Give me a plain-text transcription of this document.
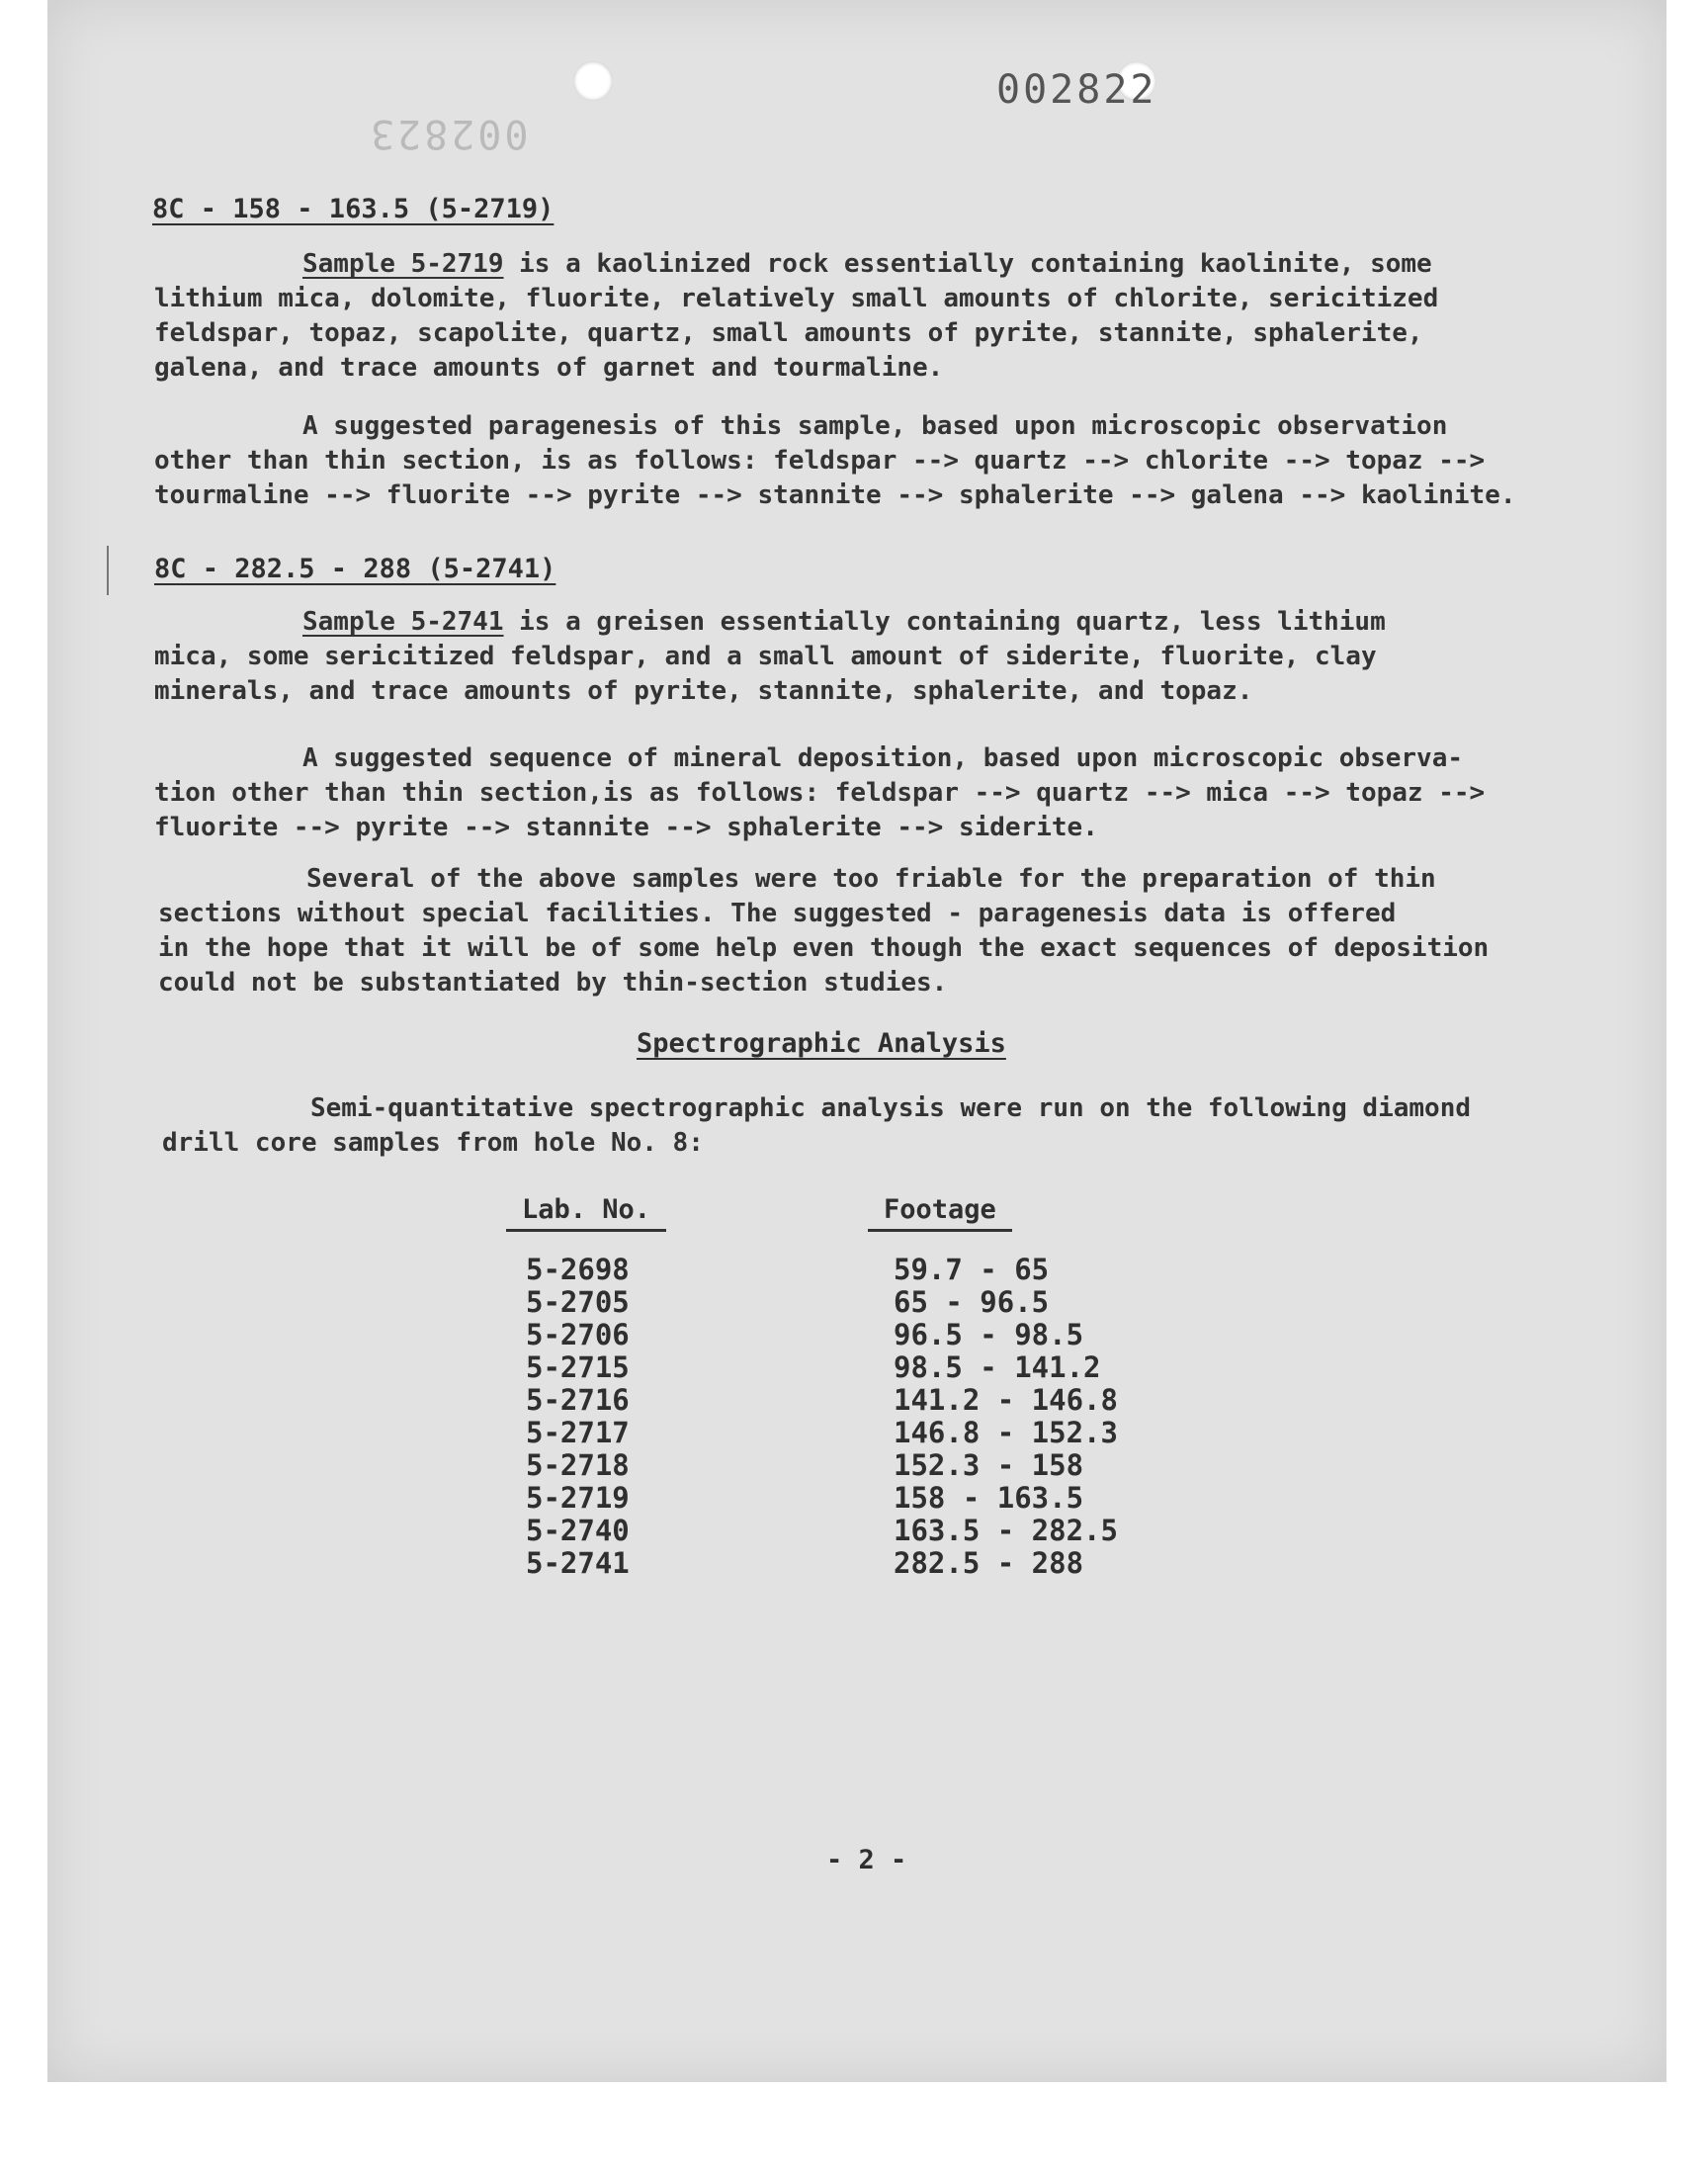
002822
002823
8C - 158 - 163.5 (5-2719)
Sample 5-2719 is a kaolinized rock essentially containing kaolinite, some
lithium mica, dolomite, fluorite, relatively small amounts of chlorite, sericitized
feldspar, topaz, scapolite, quartz, small amounts of pyrite, stannite, sphalerite,
galena, and trace amounts of garnet and tourmaline.
A suggested paragenesis of this sample, based upon microscopic observation
other than thin section, is as follows: feldspar --> quartz --> chlorite --> topaz -->
tourmaline --> fluorite --> pyrite --> stannite --> sphalerite --> galena --> kaolinite.
8C - 282.5 - 288 (5-2741)
Sample 5-2741 is a greisen essentially containing quartz, less lithium
mica, some sericitized feldspar, and a small amount of siderite, fluorite, clay
minerals, and trace amounts of pyrite, stannite, sphalerite, and topaz.
A suggested sequence of mineral deposition, based upon microscopic observa-
tion other than thin section,is as follows: feldspar --> quartz --> mica --> topaz -->
fluorite --> pyrite --> stannite --> sphalerite --> siderite.
Several of the above samples were too friable for the preparation of thin
sections without special facilities. The suggested - paragenesis data is offered
in the hope that it will be of some help even though the exact sequences of deposition
could not be substantiated by thin-section studies.
Spectrographic Analysis
Semi-quantitative spectrographic analysis were run on the following diamond
drill core samples from hole No. 8:
Lab. No.	Footage
5-2698	59.7 - 65
5-2705	65 - 96.5
5-2706	96.5 - 98.5
5-2715	98.5 - 141.2
5-2716	141.2 - 146.8
5-2717	146.8 - 152.3
5-2718	152.3 - 158
5-2719	158 - 163.5
5-2740	163.5 - 282.5
5-2741	282.5 - 288
- 2 -
